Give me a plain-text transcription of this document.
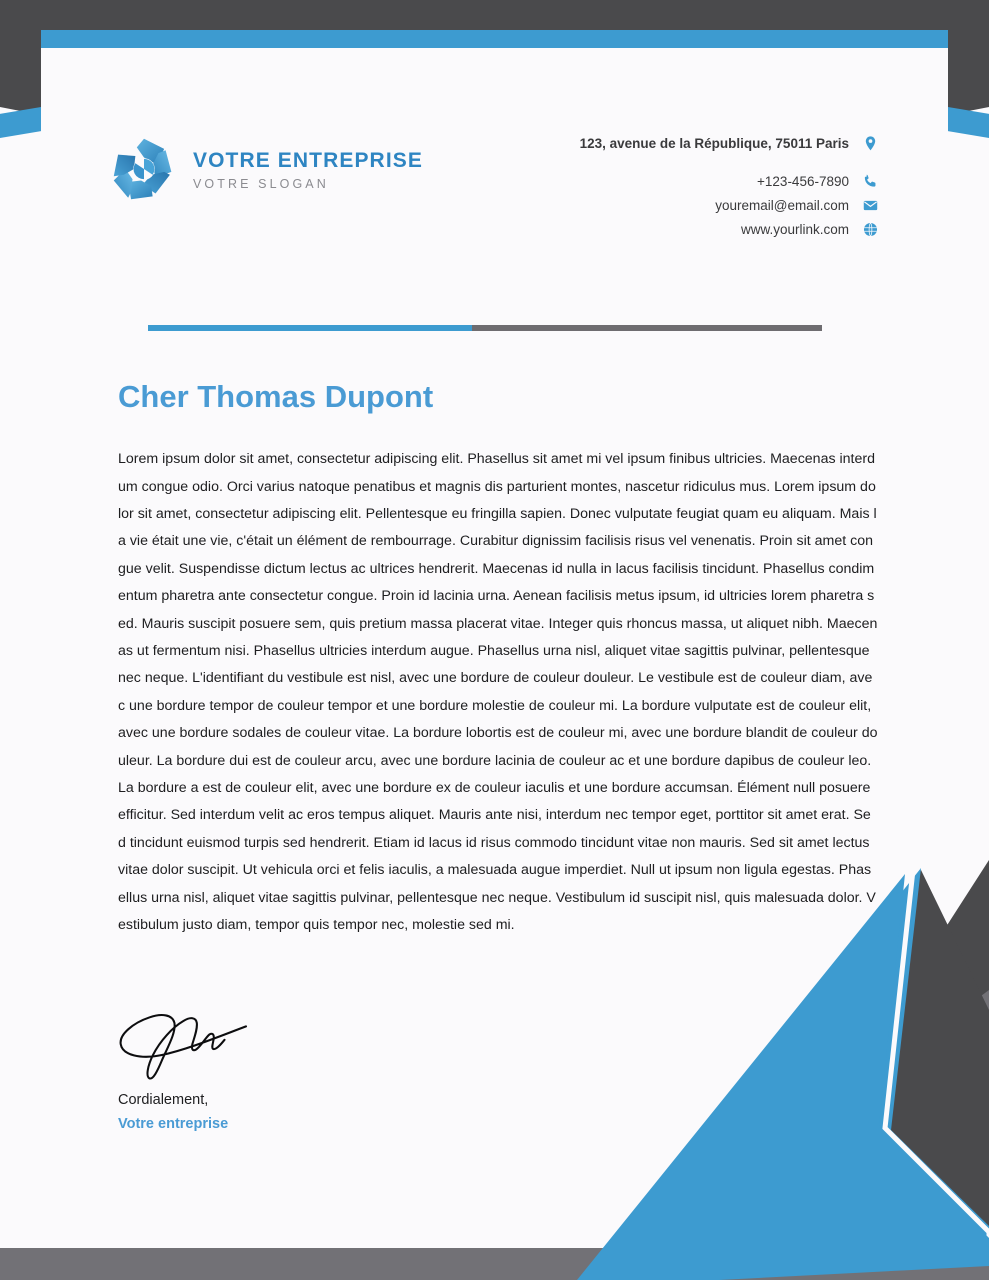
VOTRE ENTREPRISE
VOTRE SLOGAN
123, avenue de la République, 75011 Paris
+123-456-7890
youremail@email.com
www.yourlink.com
Cher Thomas Dupont

Lorem ipsum dolor sit amet, consectetur adipiscing elit. Phasellus sit amet mi vel ipsum finibus ultricies. Maecenas interdum congue odio. Orci varius natoque penatibus et magnis dis parturient montes, nascetur ridiculus mus. Lorem ipsum dolor sit amet, consectetur adipiscing elit. Pellentesque eu fringilla sapien. Donec vulputate feugiat quam eu aliquam. Mais la vie était une vie, c'était un élément de rembourrage. Curabitur dignissim facilisis risus vel venenatis. Proin sit amet congue velit. Suspendisse dictum lectus ac ultrices hendrerit. Maecenas id nulla in lacus facilisis tincidunt. Phasellus condimentum pharetra ante consectetur congue. Proin id lacinia urna. Aenean facilisis metus ipsum, id ultricies lorem pharetra sed. Mauris suscipit posuere sem, quis pretium massa placerat vitae. Integer quis rhoncus massa, ut aliquet nibh. Maecenas ut fermentum nisi. Phasellus ultricies interdum augue. Phasellus urna nisl, aliquet vitae sagittis pulvinar, pellentesque nec neque. L'identifiant du vestibule est nisl, avec une bordure de couleur douleur. Le vestibule est de couleur diam, avec une bordure tempor de couleur tempor et une bordure molestie de couleur mi. La bordure vulputate est de couleur elit, avec une bordure sodales de couleur vitae. La bordure lobortis est de couleur mi, avec une bordure blandit de couleur douleur. La bordure dui est de couleur arcu, avec une bordure lacinia de couleur ac et une bordure dapibus de couleur leo. La bordure a est de couleur elit, avec une bordure ex de couleur iaculis et une bordure accumsan. Élément null posuere efficitur. Sed interdum velit ac eros tempus aliquet. Mauris ante nisi, interdum nec tempor eget, porttitor sit amet erat. Sed tincidunt euismod turpis sed hendrerit. Etiam id lacus id risus commodo tincidunt vitae non mauris. Sed sit amet lectus vitae dolor suscipit. Ut vehicula orci et felis iaculis, a malesuada augue imperdiet. Null ut ipsum non ligula egestas. Phasellus urna nisl, aliquet vitae sagittis pulvinar, pellentesque nec neque. Vestibulum id suscipit nisl, quis malesuada dolor. Vestibulum justo diam, tempor quis tempor nec, molestie sed mi.

Cordialement,
Votre entreprise
